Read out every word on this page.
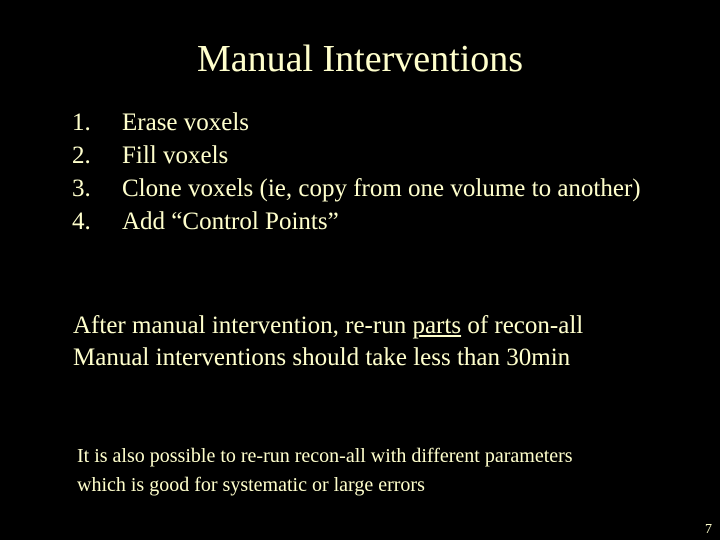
Manual Interventions
1.	Erase voxels
2.	Fill voxels
3.	Clone voxels (ie, copy from one volume to another)
4.	Add “Control Points”

After manual intervention, re-run parts of recon-all

Manual interventions should take less than 30min

It is also possible to re-run recon-all with different parameters which is good for systematic or large errors

7
